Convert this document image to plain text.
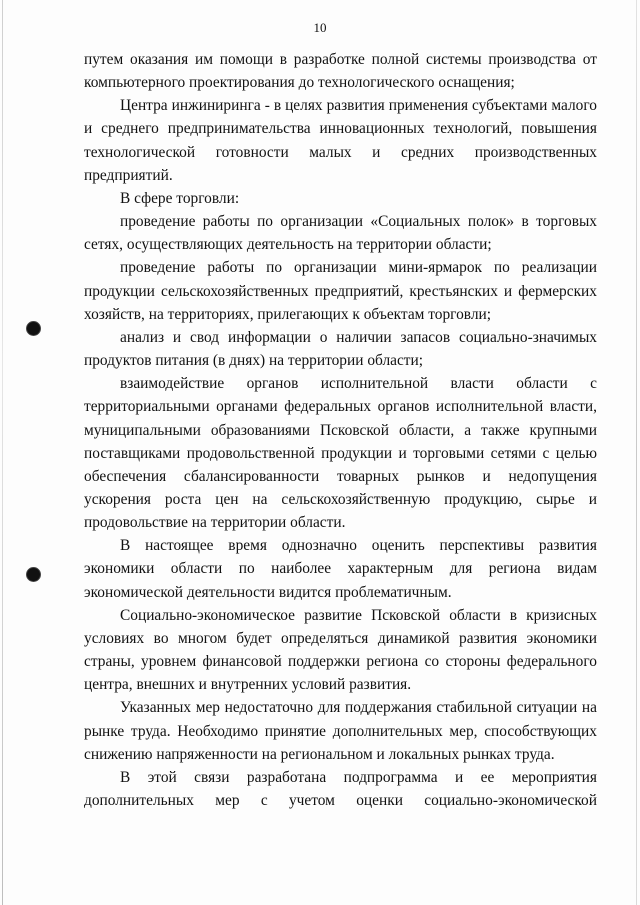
10

путем оказания им помощи в разработке полной системы производства от компьютерного проектирования до технологического оснащения;

Центра инжиниринга - в целях развития применения субъектами малого и среднего предпринимательства инновационных технологий, повышения технологической готовности малых и средних производственных предприятий.

В сфере торговли:

проведение работы по организации «Социальных полок» в торговых сетях, осуществляющих деятельность на территории области;

проведение работы по организации мини-ярмарок по реализации продукции сельскохозяйственных предприятий, крестьянских и фермерских хозяйств, на территориях, прилегающих к объектам торговли;

анализ и свод информации о наличии запасов социально-значимых продуктов питания (в днях) на территории области;

взаимодействие органов исполнительной власти области с территориальными органами федеральных органов исполнительной власти, муниципальными образованиями Псковской области, а также крупными поставщиками продовольственной продукции и торговыми сетями с целью обеспечения сбалансированности товарных рынков и недопущения ускорения роста цен на сельскохозяйственную продукцию, сырье и продовольствие на территории области.

В настоящее время однозначно оценить перспективы развития экономики области по наиболее характерным для региона видам экономической деятельности видится проблематичным.

Социально-экономическое развитие Псковской области в кризисных условиях во многом будет определяться динамикой развития экономики страны, уровнем финансовой поддержки региона со стороны федерального центра, внешних и внутренних условий развития.

Указанных мер недостаточно для поддержания стабильной ситуации на рынке труда. Необходимо принятие дополнительных мер, способствующих снижению напряженности на региональном и локальных рынках труда.

В этой связи разработана подпрограмма и ее мероприятия дополнительных мер с учетом оценки социально-экономической
